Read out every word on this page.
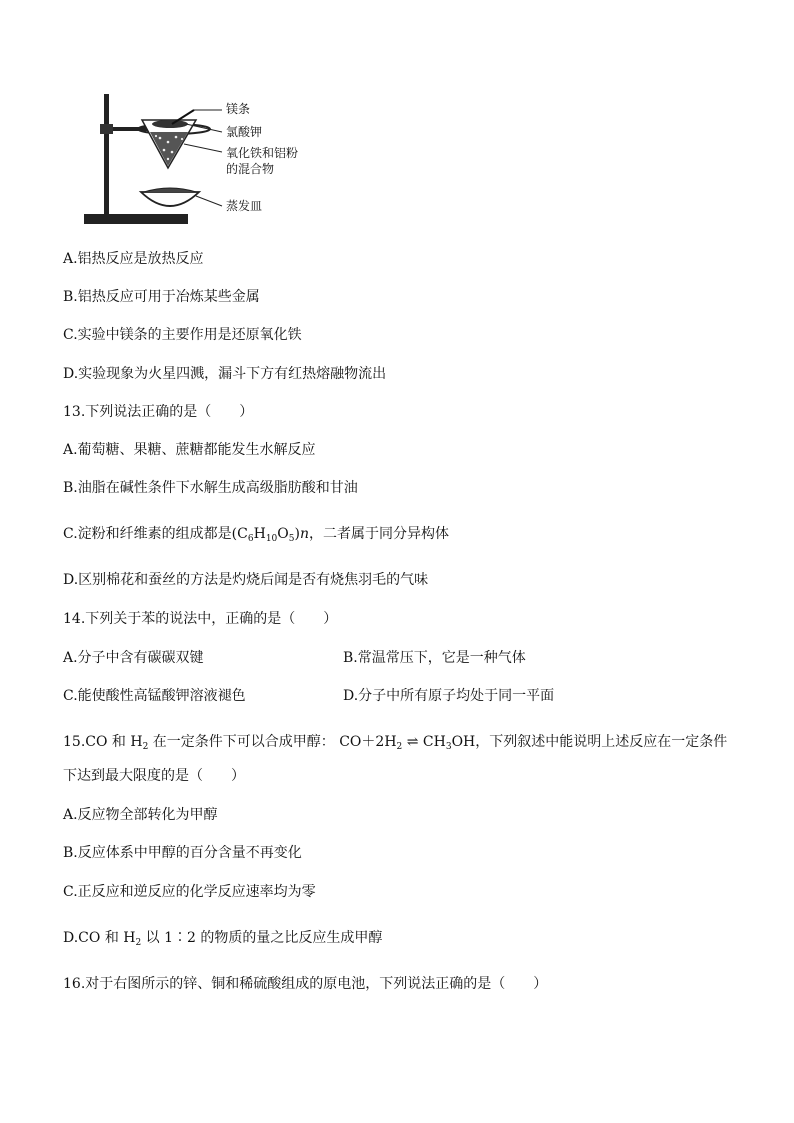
镁条
氯酸钾
氧化铁和铝粉
的混合物
蒸发皿
A.铝热反应是放热反应
B.铝热反应可用于冶炼某些金属
C.实验中镁条的主要作用是还原氧化铁
D.实验现象为火星四溅，漏斗下方有红热熔融物流出
13.下列说法正确的是（　　）
A.葡萄糖、果糖、蔗糖都能发生水解反应
B.油脂在碱性条件下水解生成高级脂肪酸和甘油
C.淀粉和纤维素的组成都是$(C_6H_{10}O_5)n$，二者属于同分异构体
D.区别棉花和蚕丝的方法是灼烧后闻是否有烧焦羽毛的气味
14.下列关于苯的说法中，正确的是（　　）
A.分子中含有碳碳双键	B.常温常压下，它是一种气体
C.能使酸性高锰酸钾溶液褪色	D.分子中所有原子均处于同一平面
15.CO 和 $H_2$ 在一定条件下可以合成甲醇： $CO+2H_2$ ⇌ $CH_3OH$，下列叙述中能说明上述反应在一定条件
下达到最大限度的是（　　）
A.反应物全部转化为甲醇
B.反应体系中甲醇的百分含量不再变化
C.正反应和逆反应的化学反应速率均为零
D.CO 和 $H_2$ 以 1∶2 的物质的量之比反应生成甲醇
16.对于右图所示的锌、铜和稀硫酸组成的原电池，下列说法正确的是（　　）
